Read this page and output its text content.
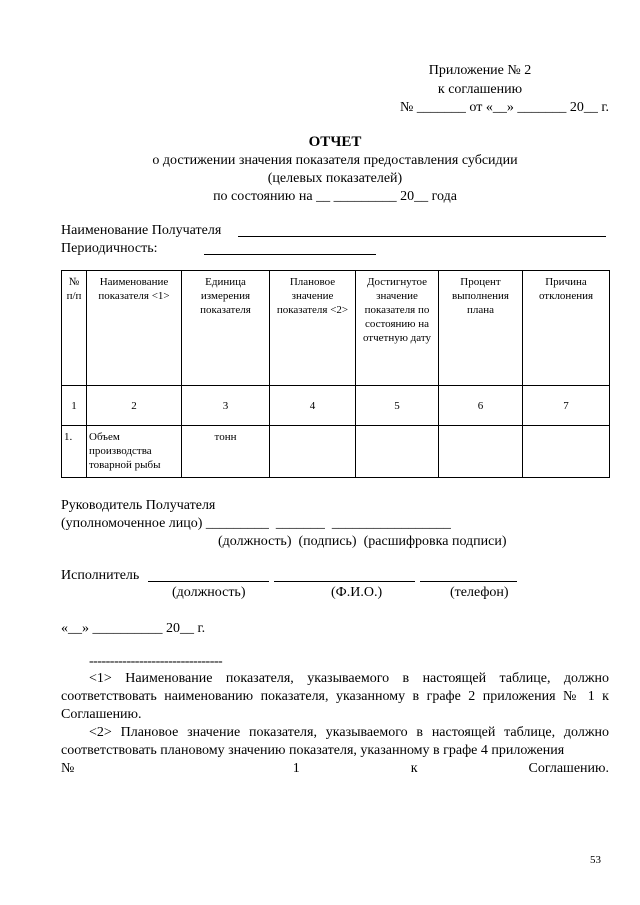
Приложение № 2
к соглашению
№ _______ от «__» _______ 20__ г.
ОТЧЕТ
о достижении значения показателя предоставления субсидии
(целевых показателей)
по состоянию на __ _________ 20__ года
Наименование Получателя
Периодичность:
№ п/п	Наименование показателя <1>	Единица измерения показателя	Плановое значение показателя <2>	Достигнутое значение показателя по состоянию на отчетную дату	Процент выполнения плана	Причина отклонения
1	2	3	4	5	6	7
1.	Объем производства товарной рыбы	тонн				
Руководитель Получателя
(уполномоченное лицо) _________  _______  _________________
(должность)  (подпись)  (расшифровка подписи)
Исполнитель
(должность)	(Ф.И.О.)	(телефон)
«__» __________ 20__ г.
--------------------------------
<1> Наименование показателя, указываемого в настоящей таблице, должно соответствовать наименованию показателя, указанному в графе 2 приложения № 1 к Соглашению.
<2> Плановое значение показателя, указываемого в настоящей таблице, должно соответствовать плановому значению показателя, указанному в графе 4 приложения
№ 1 к Соглашению.
53
